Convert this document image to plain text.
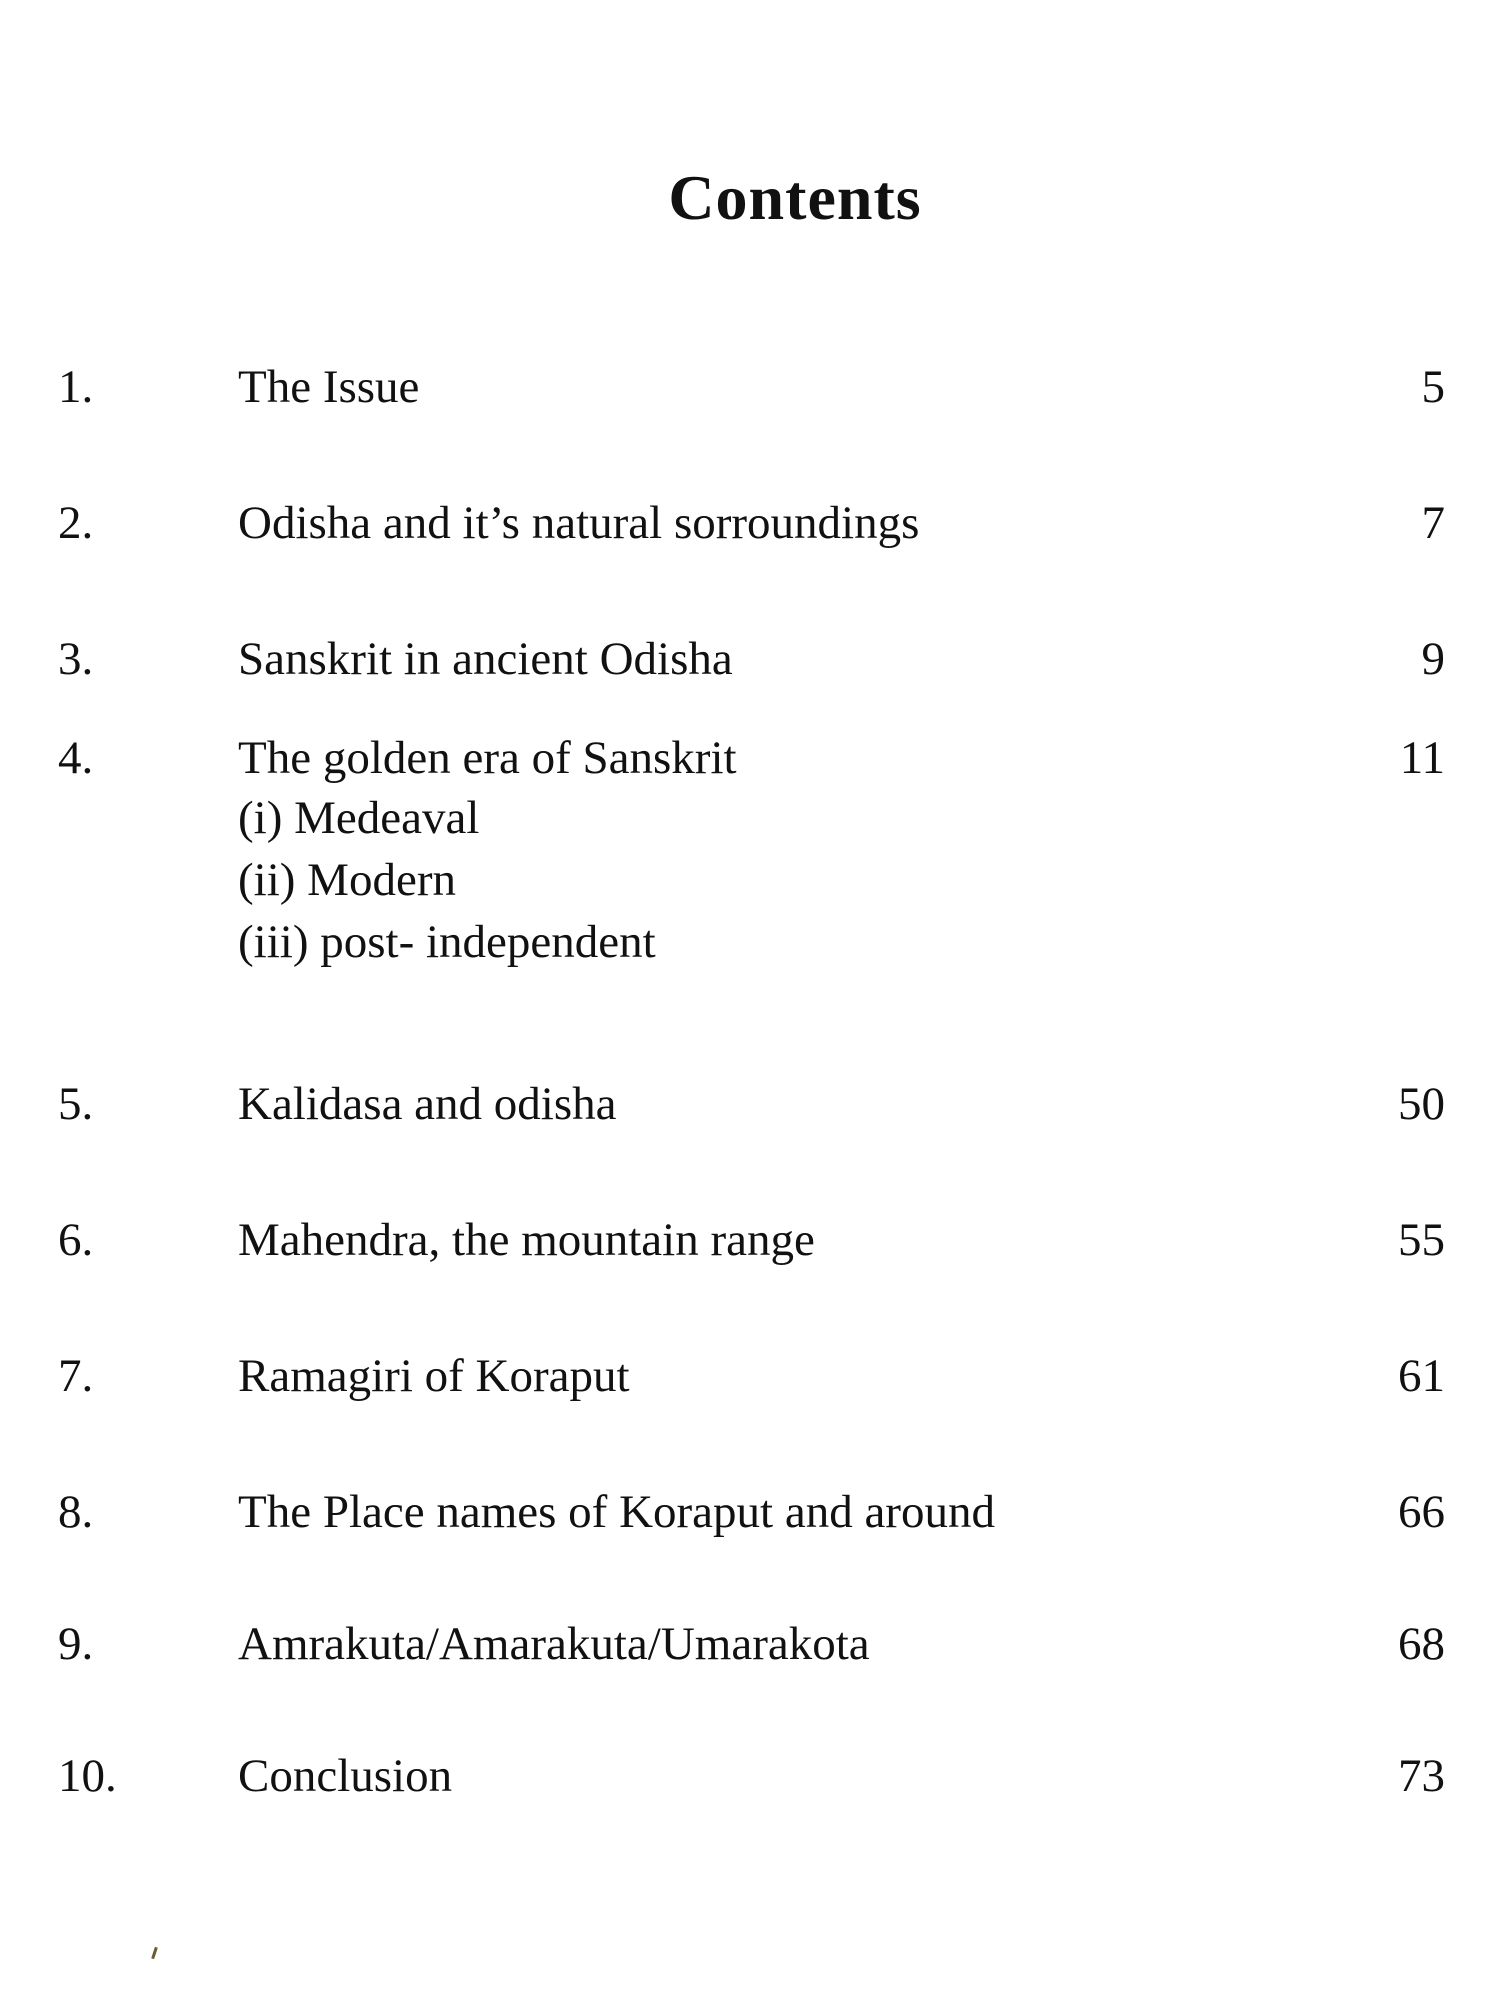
Contents
1.	The Issue	5
2.	Odisha and it’s natural sorroundings	7
3.	Sanskrit in ancient Odisha	9
4.	The golden era of Sanskrit	11
(i) Medeaval
(ii) Modern
(iii) post- independent
5.	Kalidasa and odisha	50
6.	Mahendra, the mountain range	55
7.	Ramagiri of Koraput	61
8.	The Place names of Koraput and around	66
9.	Amrakuta/Amarakuta/Umarakota	68
10.	Conclusion	73
